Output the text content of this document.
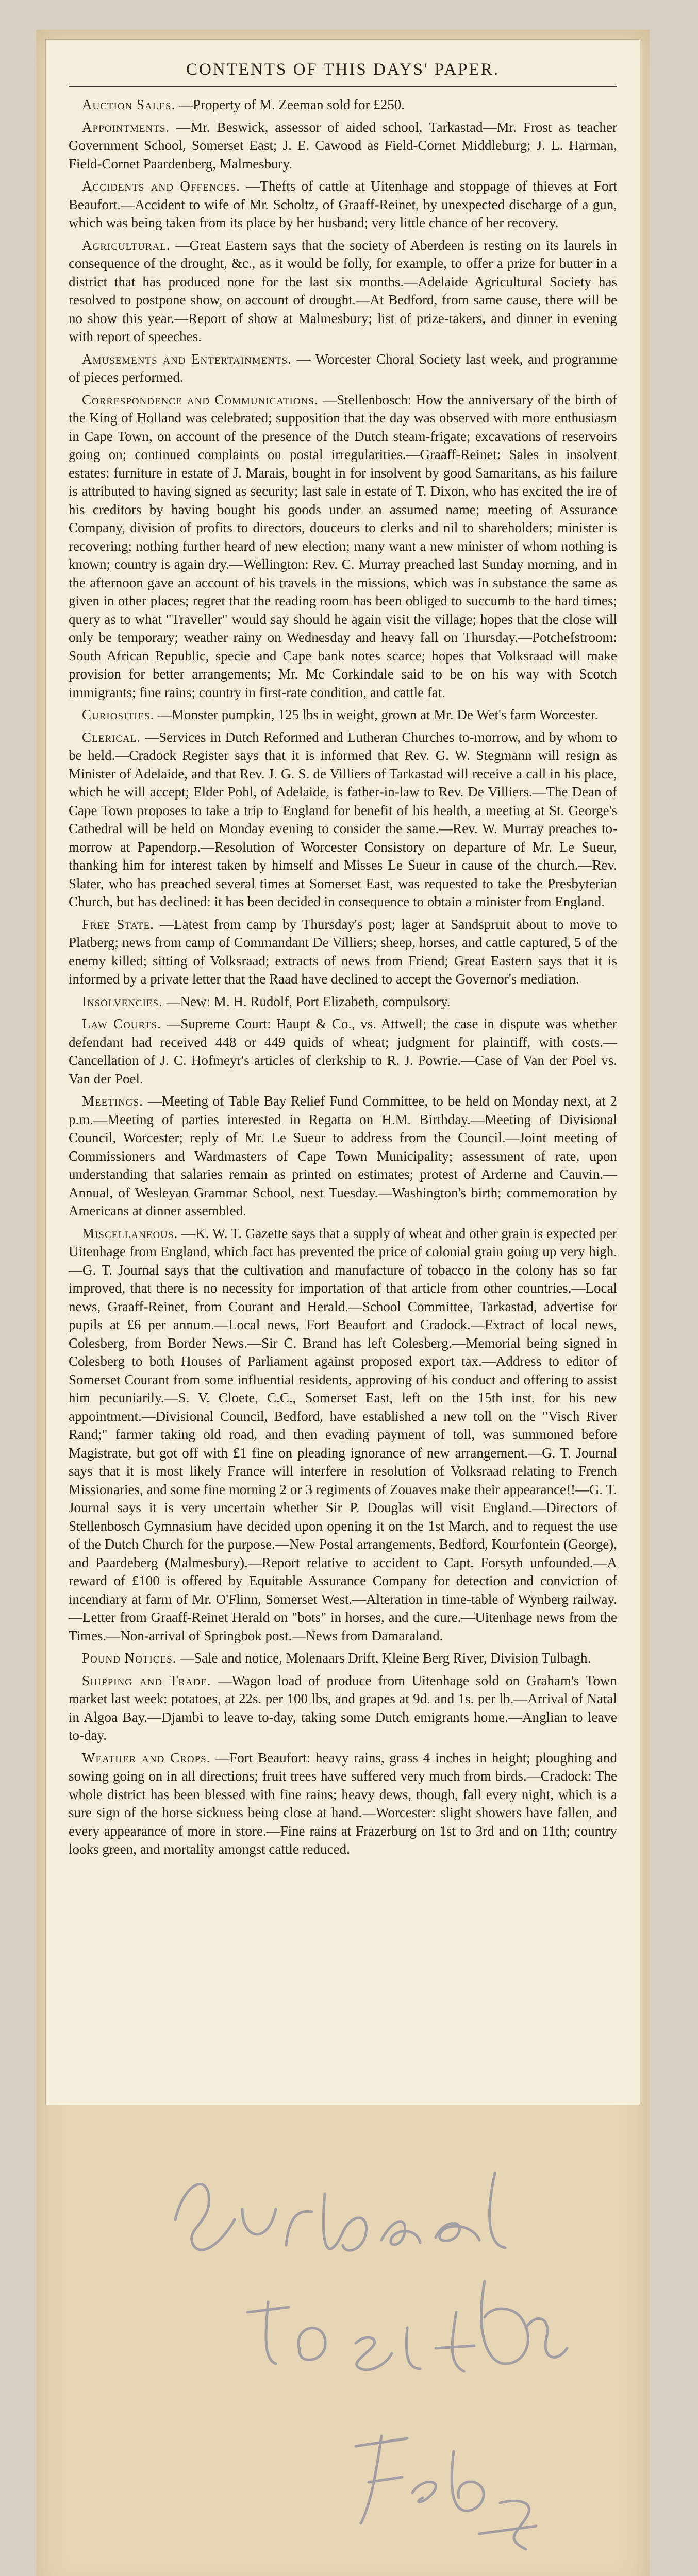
CONTENTS OF THIS DAYS' PAPER.

Auction Sales. —Property of M. Zeeman sold for £250.

Appointments. —Mr. Beswick, assessor of aided school, Tarkastad—Mr. Frost as teacher Government School, Somerset East; J. E. Cawood as Field-Cornet Middleburg; J. L. Harman, Field-Cornet Paardenberg, Malmesbury.

Accidents and Offences. —Thefts of cattle at Uitenhage and stoppage of thieves at Fort Beaufort.—Accident to wife of Mr. Scholtz, of Graaff-Reinet, by unexpected discharge of a gun, which was being taken from its place by her husband; very little chance of her recovery.

Agricultural. —Great Eastern says that the society of Aberdeen is resting on its laurels in consequence of the drought, &c., as it would be folly, for example, to offer a prize for butter in a district that has produced none for the last six months.—Adelaide Agricultural Society has resolved to postpone show, on account of drought.—At Bedford, from same cause, there will be no show this year.—Report of show at Malmesbury; list of prize-takers, and dinner in evening with report of speeches.

Amusements and Entertainments. — Worcester Choral Society last week, and programme of pieces performed.

Correspondence and Communications. —Stellenbosch: How the anniversary of the birth of the King of Holland was celebrated; supposition that the day was observed with more enthusiasm in Cape Town, on account of the presence of the Dutch steam-frigate; excavations of reservoirs going on; continued complaints on postal irregularities.—Graaff-Reinet: Sales in insolvent estates: furniture in estate of J. Marais, bought in for insolvent by good Samaritans, as his failure is attributed to having signed as security; last sale in estate of T. Dixon, who has excited the ire of his creditors by having bought his goods under an assumed name; meeting of Assurance Company, division of profits to directors, douceurs to clerks and nil to shareholders; minister is recovering; nothing further heard of new election; many want a new minister of whom nothing is known; country is again dry.—Wellington: Rev. C. Murray preached last Sunday morning, and in the afternoon gave an account of his travels in the missions, which was in substance the same as given in other places; regret that the reading room has been obliged to succumb to the hard times; query as to what "Traveller" would say should he again visit the village; hopes that the close will only be temporary; weather rainy on Wednesday and heavy fall on Thursday.—Potchefstroom: South African Republic, specie and Cape bank notes scarce; hopes that Volksraad will make provision for better arrangements; Mr. Mc Corkindale said to be on his way with Scotch immigrants; fine rains; country in first-rate condition, and cattle fat.

Curiosities. —Monster pumpkin, 125 lbs in weight, grown at Mr. De Wet's farm Worcester.

Clerical. —Services in Dutch Reformed and Lutheran Churches to-morrow, and by whom to be held.—Cradock Register says that it is informed that Rev. G. W. Stegmann will resign as Minister of Adelaide, and that Rev. J. G. S. de Villiers of Tarkastad will receive a call in his place, which he will accept; Elder Pohl, of Adelaide, is father-in-law to Rev. De Villiers.—The Dean of Cape Town proposes to take a trip to England for benefit of his health, a meeting at St. George's Cathedral will be held on Monday evening to consider the same.—Rev. W. Murray preaches to-morrow at Papendorp.—Resolution of Worcester Consistory on departure of Mr. Le Sueur, thanking him for interest taken by himself and Misses Le Sueur in cause of the church.—Rev. Slater, who has preached several times at Somerset East, was requested to take the Presbyterian Church, but has declined: it has been decided in consequence to obtain a minister from England.

Free State. —Latest from camp by Thursday's post; lager at Sandspruit about to move to Platberg; news from camp of Commandant De Villiers; sheep, horses, and cattle captured, 5 of the enemy killed; sitting of Volksraad; extracts of news from Friend; Great Eastern says that it is informed by a private letter that the Raad have declined to accept the Governor's mediation.

Insolvencies. —New: M. H. Rudolf, Port Elizabeth, compulsory.

Law Courts. —Supreme Court: Haupt & Co., vs. Attwell; the case in dispute was whether defendant had received 448 or 449 quids of wheat; judgment for plaintiff, with costs.—Cancellation of J. C. Hofmeyr's articles of clerkship to R. J. Powrie.—Case of Van der Poel vs. Van der Poel.

Meetings. —Meeting of Table Bay Relief Fund Committee, to be held on Monday next, at 2 p.m.—Meeting of parties interested in Regatta on H.M. Birthday.—Meeting of Divisional Council, Worcester; reply of Mr. Le Sueur to address from the Council.—Joint meeting of Commissioners and Wardmasters of Cape Town Municipality; assessment of rate, upon understanding that salaries remain as printed on estimates; protest of Arderne and Cauvin.—Annual, of Wesleyan Grammar School, next Tuesday.—Washington's birth; commemoration by Americans at dinner assembled.

Miscellaneous. —K. W. T. Gazette says that a supply of wheat and other grain is expected per Uitenhage from England, which fact has prevented the price of colonial grain going up very high.—G. T. Journal says that the cultivation and manufacture of tobacco in the colony has so far improved, that there is no necessity for importation of that article from other countries.—Local news, Graaff-Reinet, from Courant and Herald.—School Committee, Tarkastad, advertise for pupils at £6 per annum.—Local news, Fort Beaufort and Cradock.—Extract of local news, Colesberg, from Border News.—Sir C. Brand has left Colesberg.—Memorial being signed in Colesberg to both Houses of Parliament against proposed export tax.—Address to editor of Somerset Courant from some influential residents, approving of his conduct and offering to assist him pecuniarily.—S. V. Cloete, C.C., Somerset East, left on the 15th inst. for his new appointment.—Divisional Council, Bedford, have established a new toll on the "Visch River Rand;" farmer taking old road, and then evading payment of toll, was summoned before Magistrate, but got off with £1 fine on pleading ignorance of new arrangement.—G. T. Journal says that it is most likely France will interfere in resolution of Volksraad relating to French Missionaries, and some fine morning 2 or 3 regiments of Zouaves make their appearance!!—G. T. Journal says it is very uncertain whether Sir P. Douglas will visit England.—Directors of Stellenbosch Gymnasium have decided upon opening it on the 1st March, and to request the use of the Dutch Church for the purpose.—New Postal arrangements, Bedford, Kourfontein (George), and Paardeberg (Malmesbury).—Report relative to accident to Capt. Forsyth unfounded.—A reward of £100 is offered by Equitable Assurance Company for detection and conviction of incendiary at farm of Mr. O'Flinn, Somerset West.—Alteration in time-table of Wynberg railway.—Letter from Graaff-Reinet Herald on "bots" in horses, and the cure.—Uitenhage news from the Times.—Non-arrival of Springbok post.—News from Damaraland.

Pound Notices. —Sale and notice, Molenaars Drift, Kleine Berg River, Division Tulbagh.

Shipping and Trade. —Wagon load of produce from Uitenhage sold on Graham's Town market last week: potatoes, at 22s. per 100 lbs, and grapes at 9d. and 1s. per lb.—Arrival of Natal in Algoa Bay.—Djambi to leave to-day, taking some Dutch emigrants home.—Anglian to leave to-day.

Weather and Crops. —Fort Beaufort: heavy rains, grass 4 inches in height; ploughing and sowing going on in all directions; fruit trees have suffered very much from birds.—Cradock: The whole district has been blessed with fine rains; heavy dews, though, fall every night, which is a sure sign of the horse sickness being close at hand.—Worcester: slight showers have fallen, and every appearance of more in store.—Fine rains at Frazerburg on 1st to 3rd and on 11th; country looks green, and mortality amongst cattle reduced.
